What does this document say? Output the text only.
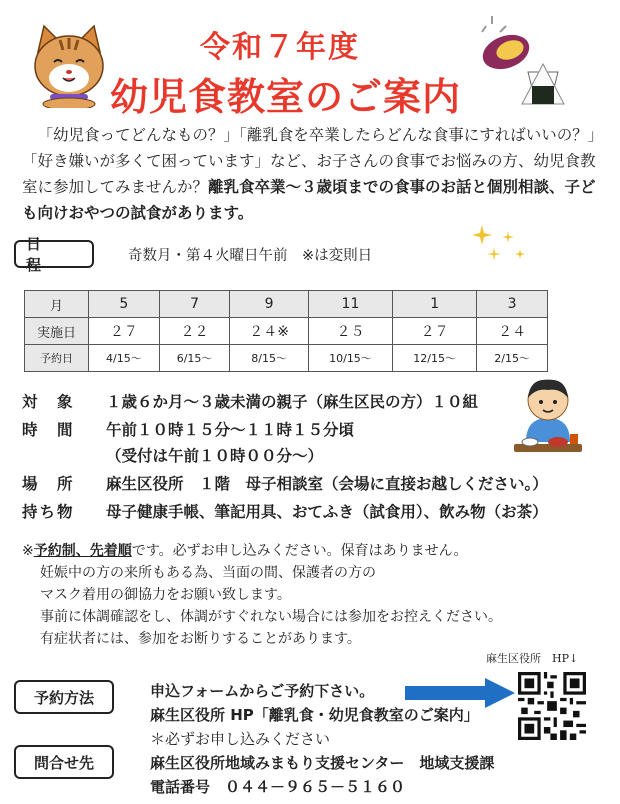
令和７年度
幼児食教室のご案内
「幼児食ってどんなもの？」「離乳食を卒業したらどんな食事にすればいいの？」「好き嫌いが多くて困っています」など、お子さんの食事でお悩みの方、幼児食教室に参加してみませんか？離乳食卒業～３歳頃までの食事のお話と個別相談、子ども向けおやつの試食があります。
日 程	奇数月・第４火曜日午前　※は変則日
月	5	7	9	11	1	3
実施日	２７	２２	２４※	２５	２７	２４
予約日	4/15～	6/15～	8/15～	10/15～	12/15～	2/15～
対　象	１歳６か月～３歳未満の親子（麻生区民の方）１０組
時　間	午前１０時１５分～１１時１５分頃
（受付は午前１０時００分～）
場　所	麻生区役所　１階　母子相談室（会場に直接お越しください。）
持ち物	母子健康手帳、筆記用具、おてふき（試食用）、飲み物（お茶）
※予約制、先着順です。必ずお申し込みください。保育はありません。
妊娠中の方の来所もある為、当面の間、保護者の方の
マスク着用の御協力をお願い致します。
事前に体調確認をし、体調がすぐれない場合には参加をお控えください。
有症状者には、参加をお断りすることがあります。
麻生区役所　HP↓
予約方法	申込フォームからご予約下さい。
麻生区役所 HP「離乳食・幼児食教室のご案内」
＊必ずお申し込みください
問合せ先	麻生区役所地域みまもり支援センター　地域支援課
電話番号　０４４－９６５－５１６０
